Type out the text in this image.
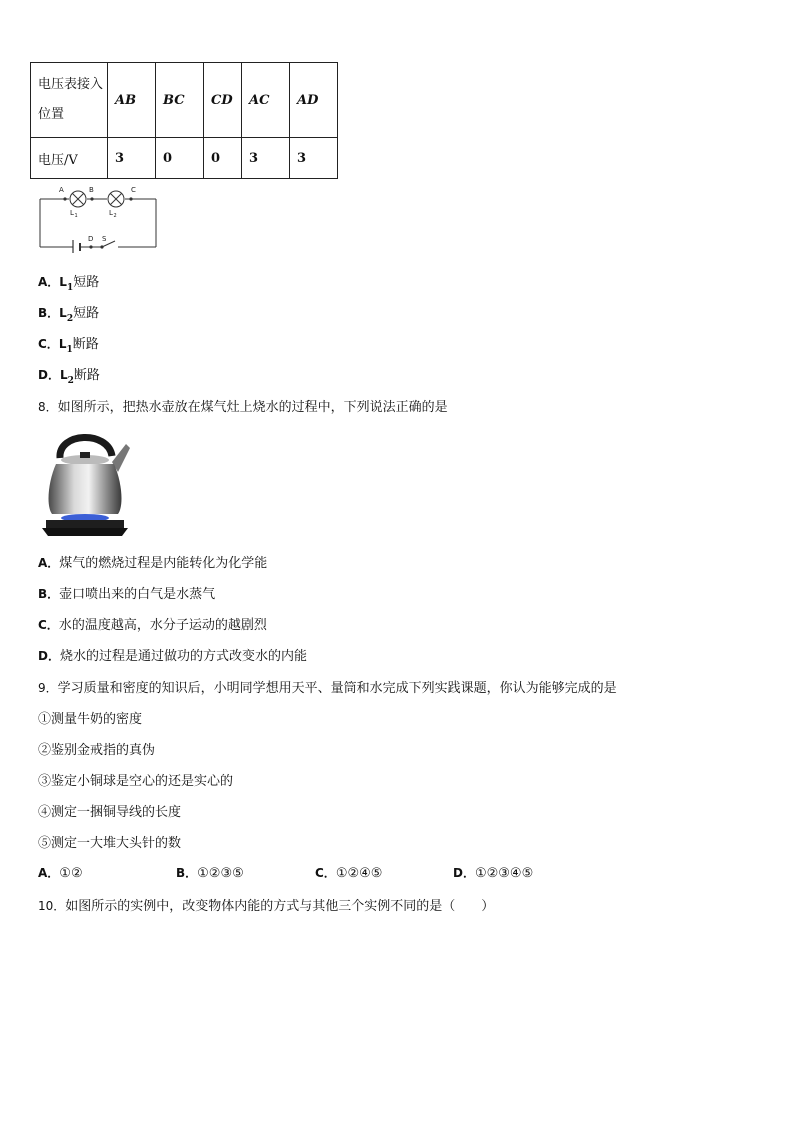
电压表接入位置	AB	BC	CD	AC	AD
电压/V	3	0	0	3	3
A	B	C
D S
L 1	L 2
A．$L_1$短路
B．$L_2$短路
C．$L_1$断路
D．$L_2$断路
8．如图所示，把热水壶放在煤气灶上烧水的过程中，下列说法正确的是
A．煤气的燃烧过程是内能转化为化学能
B．壶口喷出来的白气是水蒸气
C．水的温度越高，水分子运动的越剧烈
D．烧水的过程是通过做功的方式改变水的内能
9．学习质量和密度的知识后，小明同学想用天平、量筒和水完成下列实践课题，你认为能够完成的是
①测量牛奶的密度
②鉴别金戒指的真伪
③鉴定小铜球是空心的还是实心的
④测定一捆铜导线的长度
⑤测定一大堆大头针的数
A．①②	B．①②③⑤	C．①②④⑤	D．①②③④⑤
10．如图所示的实例中，改变物体内能的方式与其他三个实例不同的是（　　）
